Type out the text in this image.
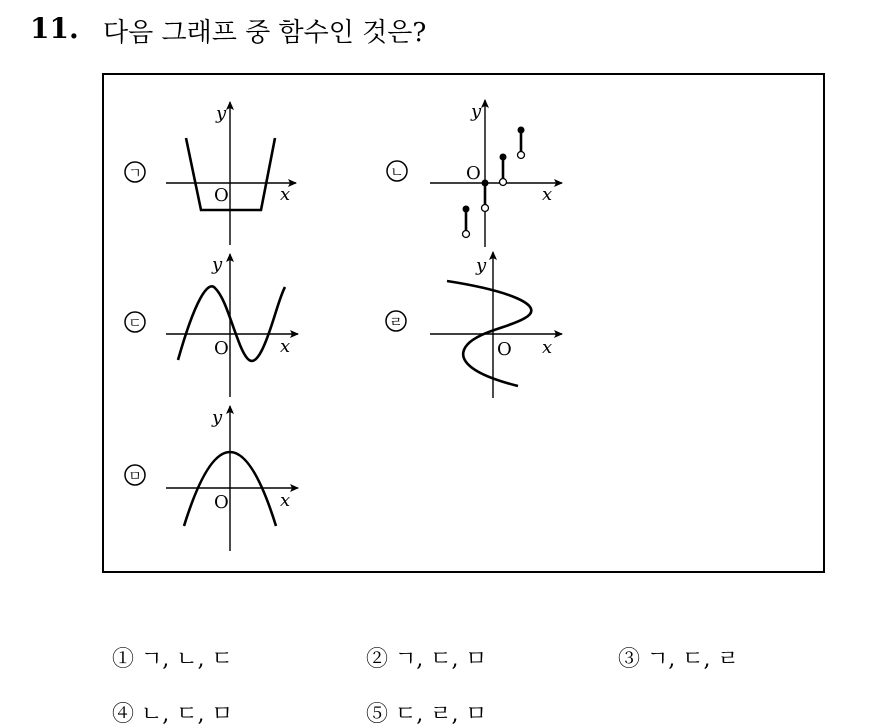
11. 다음 그래프 중 함수인 것은?
ㄱ
y
x
O
ㄴ
y
x
O
ㄷ
y
x
O
ㄹ
y
x
O
ㅁ
y
x
O
① ㄱ, ㄴ, ㄷ	② ㄱ, ㄷ, ㅁ	③ ㄱ, ㄷ, ㄹ
④ ㄴ, ㄷ, ㅁ	⑤ ㄷ, ㄹ, ㅁ
